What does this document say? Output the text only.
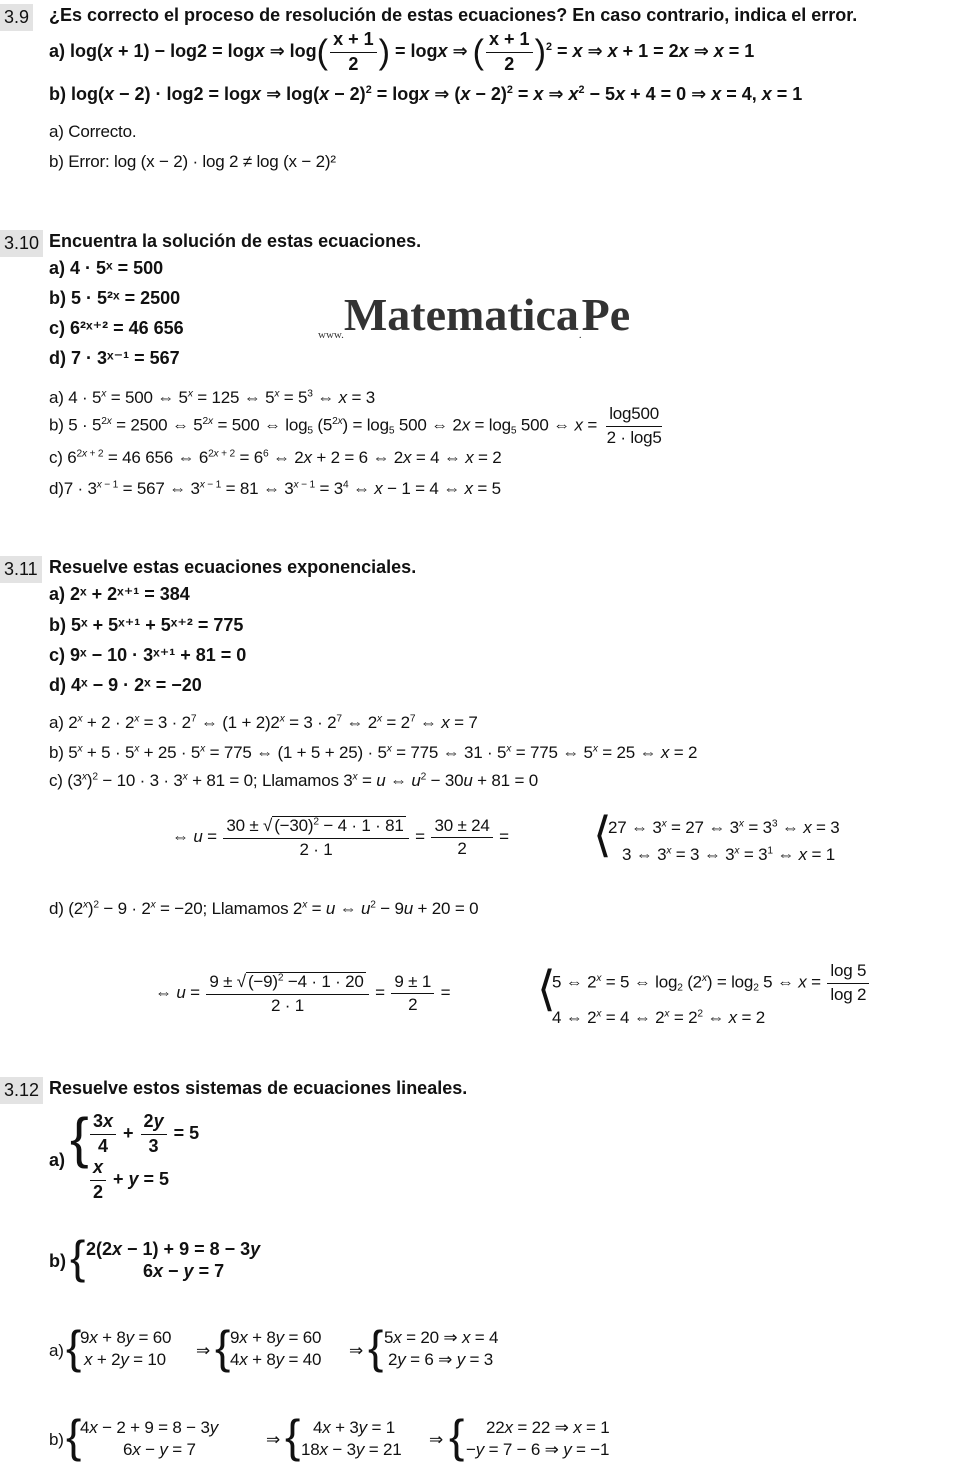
3.9 ¿Es correcto el proceso de resolución de estas ecuaciones? En caso contrario, indica el error.
a) log(x + 1) − log2 = logx ⇒ $\log( \frac{x + 1}{2}$ ) = logx ⇒ ( $\frac{x + 1}{2} )^2 = x$ ⇒ x + 1 = 2x ⇒ x = 1
b) log(x − 2) · log2 = logx ⇒ $\log(x - 2)^2 = \log x$ ⇒ $(x - 2)^2 = x$ ⇒ $x^2 - 5x + 4 = 0$ ⇒ x = 4, x = 1
a) Correcto.
b) Error: log (x − 2) · log 2 ≠ log (x − 2)²
3.10 Encuentra la solución de estas ecuaciones.
a) 4 · 5ˣ = 500
b) 5 · 5²ˣ = 2500
c) 6²ˣ⁺² = 46 656
d) 7 · 3ˣ⁻¹ = 567
www.Matematica.Pe
a) $4 \cdot 5^x = 500$ ⇔ $5^x = 125$ ⇔ $5^x = 5^3$ ⇔ x = 3
b) $5 \cdot 5^{2x} = 2500$ ⇔ $5^{2x} = 500$ ⇔ $\log_5 (5^{2x}) = \log_5 500$ ⇔ $2x = \log_5 500$ ⇔ $x = \frac{\log 500}{2 \cdot \log 5}$
c) $6^{2x + 2} = 46$ 656 ⇔ $6^{2x + 2} = 6^6$ ⇔ 2x + 2 = 6 ⇔ 2x = 4 ⇔ x = 2
$d)7 \cdot 3^{x - 1} = 567$ ⇔ $3^{x - 1} = 81$ ⇔ $3^{x - 1} = 3^4$ ⇔ x − 1 = 4 ⇔ x = 5
3.11 Resuelve estas ecuaciones exponenciales.
a) 2ˣ + 2ˣ⁺¹ = 384
b) 5ˣ + 5ˣ⁺¹ + 5ˣ⁺² = 775
c) 9ˣ − 10 · 3ˣ⁺¹ + 81 = 0
d) 4ˣ − 9 · 2ˣ = −20
a) $2^x + 2 \cdot 2^x = 3 \cdot 2^7$ ⇔ $(1 + 2)2^x = 3 \cdot 2^7$ ⇔ $2^x = 2^7$ ⇔ x = 7
b) $5^x + 5 \cdot 5^x + 25 \cdot 5^x = 775$ ⇔ $(1 + 5 + 25) \cdot 5^x = 775$ ⇔ $31 \cdot 5^x = 775$ ⇔ $5^x = 25$ ⇔ x = 2
c) $(3^x)^2 - 10 \cdot 3 \cdot 3^x + 81 = 0$; Llamamos $3^x = u$ ⇔ $u^2 - 30u + 81 = 0$
⇔ $u = \frac{30 \pm √ (-30)^2 - 4 \cdot 1 \cdot 81}{2 \cdot 1} = \frac{30 \pm 24}{2}$ = ⟨
27 ⇔ $3^x = 27$ ⇔ $3^x = 3^3$ ⇔ x = 3
3 ⇔ $3^x = 3$ ⇔ $3^x = 3^1$ ⇔ x = 1
d) $(2^x)^2 - 9 \cdot 2^x = -20$; Llamamos $2^x = u$ ⇔ $u^2 - 9u + 20 = 0$
⇔ $u = \frac{9 \pm √ (-9)^2 -4 \cdot 1 \cdot 20}{2 \cdot 1} = \frac{9 \pm 1}{2}$ = ⟨
5 ⇔ $2^x = 5$ ⇔ $\log_2 (2^x) = \log_2 5$ ⇔ $x = \frac{\log 5}{\log 2}$
4 ⇔ $2^x = 4$ ⇔ $2^x = 2^2$ ⇔ x = 2
3.12 Resuelve estos sistemas de ecuaciones lineales.
a) { $\frac{3x}{4} + \frac{2y}{3} = 5$
$\frac{x}{2} + y = 5$
b) { 2(2x − 1) + 9 = 8 − 3y
6x − y = 7
a) {
9x + 8y = 60
x + 2y = 10 ⇒ { 9x + 8y = 60
4x + 8y = 40 ⇒ { 5x = 20 ⇒ x = 4
2y = 6 ⇒ y = 3
b) {
4x − 2 + 9 = 8 − 3y
6x − y = 7
⇒ { 4x + 3y = 1
18x − 3y = 21
⇒ { 22x = 22 ⇒ x = 1
−y = 7 − 6 ⇒ y = −1
